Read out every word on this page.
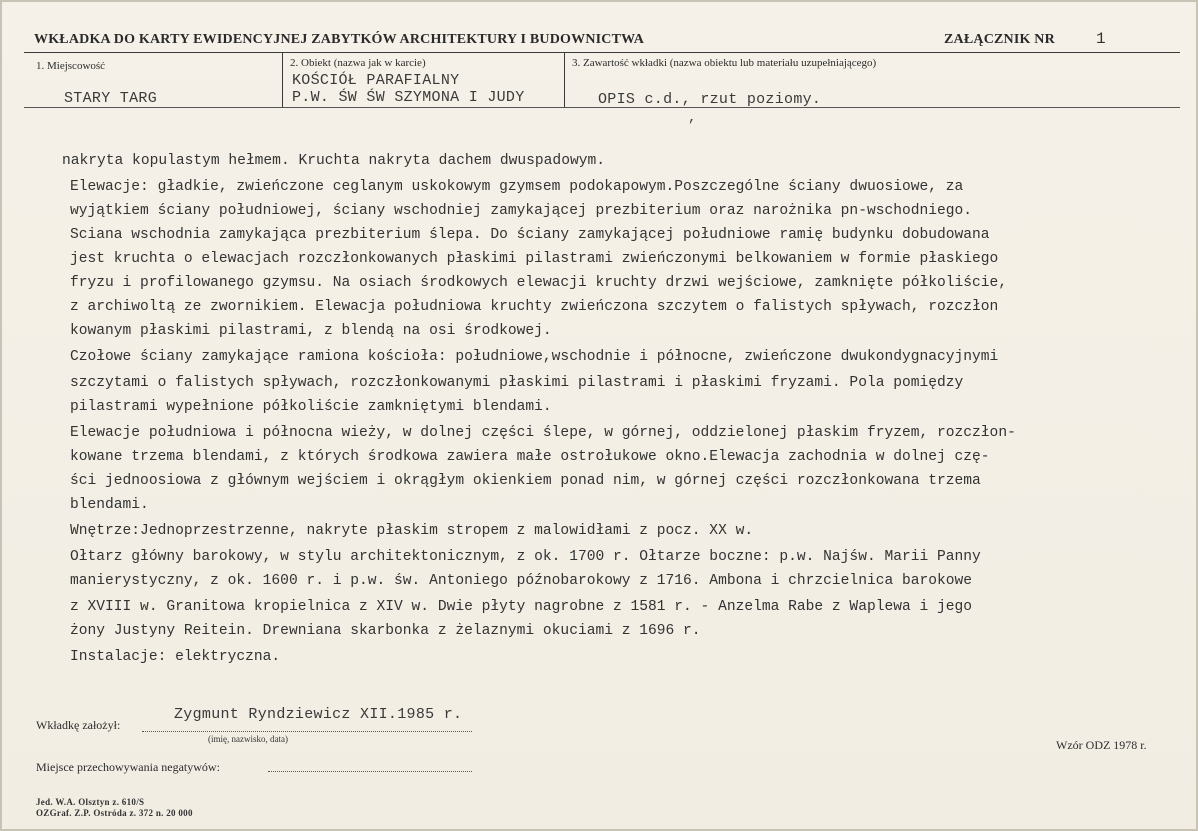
WKŁADKA DO KARTY EWIDENCYJNEJ ZABYTKÓW ARCHITEKTURY I BUDOWNICTWA	ZAŁĄCZNIK NR	1
1. Miejscowość
STARY TARG
2. Obiekt (nazwa jak w karcie)
KOŚCIÓŁ PARAFIALNY
P.W. ŚW ŚW SZYMONA I JUDY
3. Zawartość wkładki (nazwa obiektu lub materiału uzupełniającego)
OPIS c.d., rzut poziomy.
,
nakryta kopulastym hełmem. Kruchta nakryta dachem dwuspadowym.
Elewacje: gładkie, zwieńczone ceglanym uskokowym gzymsem podokapowym.Poszczególne ściany dwuosiowe, za
wyjątkiem ściany południowej, ściany wschodniej zamykającej prezbiterium oraz narożnika pn-wschodniego.
Sciana wschodnia zamykająca prezbiterium ślepa. Do ściany zamykającej południowe ramię budynku dobudowana
jest kruchta o elewacjach rozczłonkowanych płaskimi pilastrami zwieńczonymi belkowaniem w formie płaskiego
fryzu i profilowanego gzymsu. Na osiach środkowych elewacji kruchty drzwi wejściowe, zamknięte półkoliście,
z archiwoltą ze zwornikiem. Elewacja południowa kruchty zwieńczona szczytem o falistych spływach, rozczłon
kowanym płaskimi pilastrami, z blendą na osi środkowej.
Czołowe ściany zamykające ramiona kościoła: południowe,wschodnie i północne, zwieńczone dwukondygnacyjnymi
szczytami o falistych spływach, rozczłonkowanymi płaskimi pilastrami i płaskimi fryzami. Pola pomiędzy
pilastrami wypełnione półkoliście zamkniętymi blendami.
Elewacje południowa i północna wieży, w dolnej części ślepe, w górnej, oddzielonej płaskim fryzem, rozczłon-
kowane trzema blendami, z których środkowa zawiera małe ostrołukowe okno.Elewacja zachodnia w dolnej czę-
ści jednoosiowa z głównym wejściem i okrągłym okienkiem ponad nim, w górnej części rozczłonkowana trzema
blendami.
Wnętrze:Jednoprzestrzenne, nakryte płaskim stropem z malowidłami z pocz. XX w.
Ołtarz główny barokowy, w stylu architektonicznym, z ok. 1700 r. Ołtarze boczne: p.w. Najśw. Marii Panny
manierystyczny, z ok. 1600 r. i p.w. św. Antoniego późnobarokowy z 1716. Ambona i chrzcielnica barokowe
z XVIII w. Granitowa kropielnica z XIV w. Dwie płyty nagrobne z 1581 r. - Anzelma Rabe z Waplewa i jego
żony Justyny Reitein. Drewniana skarbonka z żelaznymi okuciami z 1696 r.
Instalacje: elektryczna.
Wkładkę założył:
Zygmunt Ryndziewicz XII.1985 r.
(imię, nazwisko, data)	Wzór ODZ 1978 r.
Miejsce przechowywania negatywów:
Jed. W.A. Olsztyn z. 610/S
OZGraf. Z.P. Ostróda z. 372 n. 20 000
